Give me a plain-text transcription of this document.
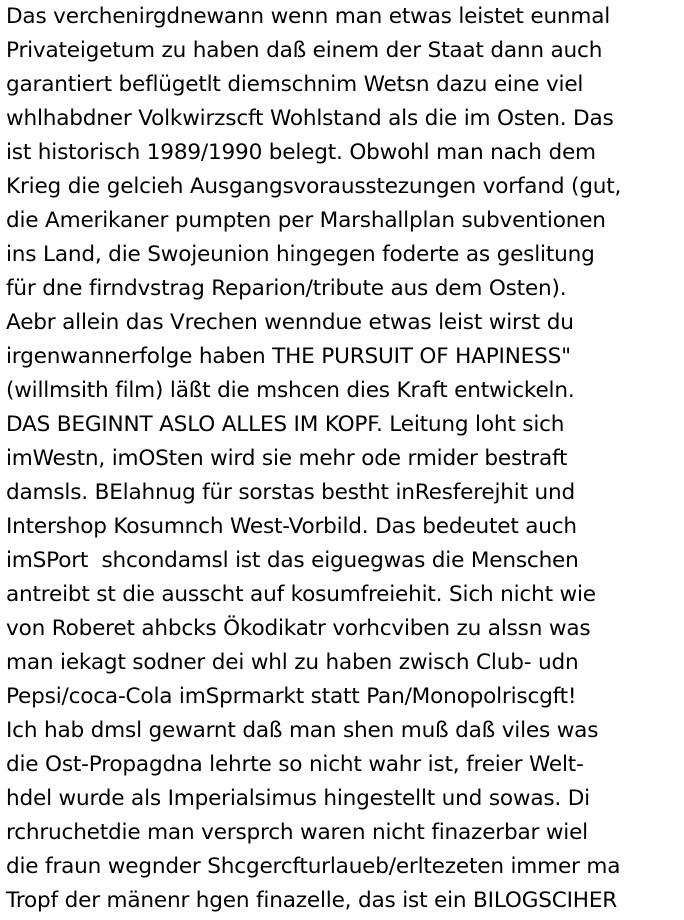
Das verchenirgdnewann wenn man etwas leistet eunmal
Privateigetum zu haben daß einem der Staat dann auch
garantiert beflügetlt diemschnim Wetsn dazu eine viel
whlhabdner Volkwirzscft Wohlstand als die im Osten. Das
ist historisch 1989/1990 belegt. Obwohl man nach dem
Krieg die gelcieh Ausgangsvorausstezungen vorfand (gut,
die Amerikaner pumpten per Marshallplan subventionen
ins Land, die Swojeunion hingegen foderte as geslitung
für dne firndvstrag Reparion/tribute aus dem Osten).
Aebr allein das Vrechen wenndue etwas leist wirst du
irgenwannerfolge haben THE PURSUIT OF HAPINESS"
(willmsith film) läßt die mshcen dies Kraft entwickeln.
DAS BEGINNT ASLO ALLES IM KOPF. Leitung loht sich
imWestn, imOSten wird sie mehr ode rmider bestraft
damsls. BElahnug für sorstas bestht inResferejhit und
Intershop Kosumnch West-Vorbild. Das bedeutet auch
imSPort  shcondamsl ist das eiguegwas die Menschen
antreibt st die ausscht auf kosumfreiehit. Sich nicht wie
von Roberet ahbcks Ökodikatr vorhcviben zu alssn was
man iekagt sodner dei whl zu haben zwisch Club- udn
Pepsi/coca-Cola imSprmarkt statt Pan/Monopolriscgft!
Ich hab dmsl gewarnt daß man shen muß daß viles was
die Ost-Propagdna lehrte so nicht wahr ist, freier Welt-
hdel wurde als Imperialsimus hingestellt und sowas. Di
rchruchetdie man versprch waren nicht finazerbar wiel
die fraun wegnder Shcgercfturlaueb/erltezeten immer ma
Tropf der mänenr hgen finazelle, das ist ein BILOGSCIHER
